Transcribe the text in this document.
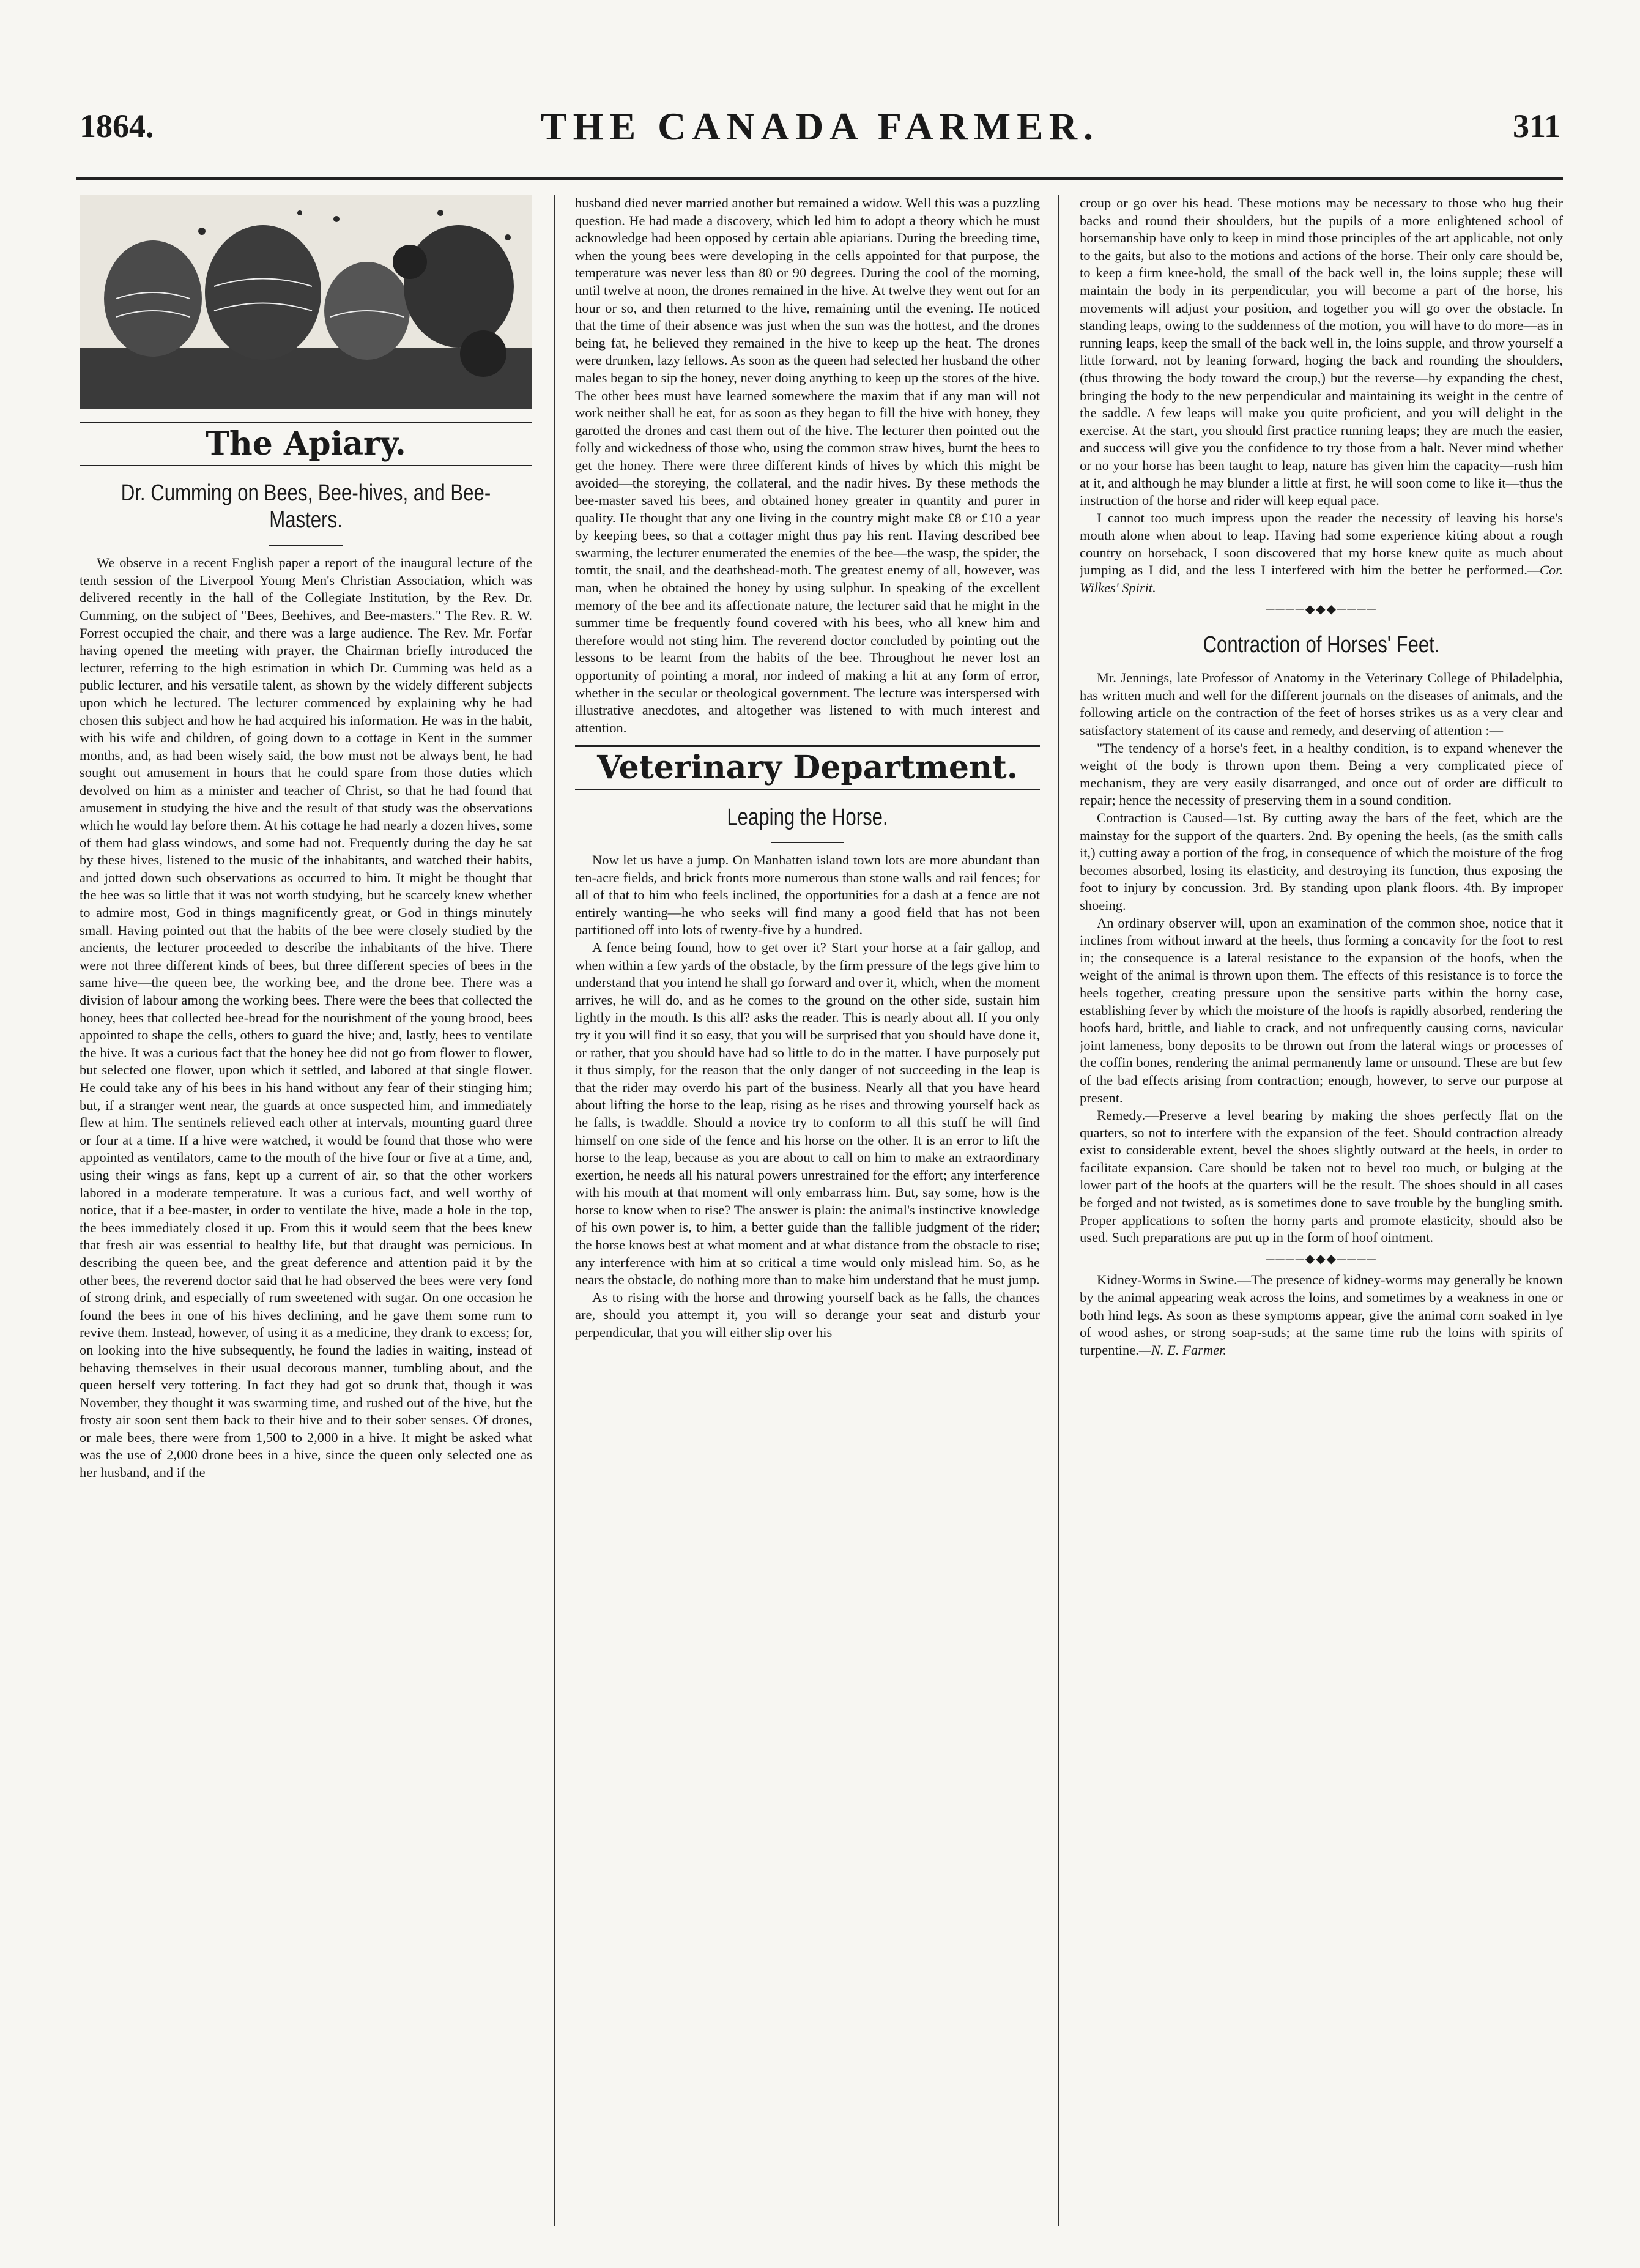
1864.	THE CANADA FARMER.	311
The Apiary.
Dr. Cumming on Bees, Bee-hives, and Bee-Masters.

We observe in a recent English paper a report of the inaugural lecture of the tenth session of the Liverpool Young Men's Christian Association, which was delivered recently in the hall of the Collegiate Institution, by the Rev. Dr. Cumming, on the subject of "Bees, Beehives, and Bee-masters." The Rev. R. W. Forrest occupied the chair, and there was a large audience. The Rev. Mr. Forfar having opened the meeting with prayer, the Chairman briefly introduced the lecturer, referring to the high estimation in which Dr. Cumming was held as a public lecturer, and his versatile talent, as shown by the widely different subjects upon which he lectured. The lecturer commenced by explaining why he had chosen this subject and how he had acquired his information. He was in the habit, with his wife and children, of going down to a cottage in Kent in the summer months, and, as had been wisely said, the bow must not be always bent, he had sought out amusement in hours that he could spare from those duties which devolved on him as a minister and teacher of Christ, so that he had found that amusement in studying the hive and the result of that study was the observations which he would lay before them. At his cottage he had nearly a dozen hives, some of them had glass windows, and some had not. Frequently during the day he sat by these hives, listened to the music of the inhabitants, and watched their habits, and jotted down such observations as occurred to him. It might be thought that the bee was so little that it was not worth studying, but he scarcely knew whether to admire most, God in things magnificently great, or God in things minutely small. Having pointed out that the habits of the bee were closely studied by the ancients, the lecturer proceeded to describe the inhabitants of the hive. There were not three different kinds of bees, but three different species of bees in the same hive—the queen bee, the working bee, and the drone bee. There was a division of labour among the working bees. There were the bees that collected the honey, bees that collected bee-bread for the nourishment of the young brood, bees appointed to shape the cells, others to guard the hive; and, lastly, bees to ventilate the hive. It was a curious fact that the honey bee did not go from flower to flower, but selected one flower, upon which it settled, and labored at that single flower. He could take any of his bees in his hand without any fear of their stinging him; but, if a stranger went near, the guards at once suspected him, and immediately flew at him. The sentinels relieved each other at intervals, mounting guard three or four at a time. If a hive were watched, it would be found that those who were appointed as ventilators, came to the mouth of the hive four or five at a time, and, using their wings as fans, kept up a current of air, so that the other workers labored in a moderate temperature. It was a curious fact, and well worthy of notice, that if a bee-master, in order to ventilate the hive, made a hole in the top, the bees immediately closed it up. From this it would seem that the bees knew that fresh air was essential to healthy life, but that draught was pernicious. In describing the queen bee, and the great deference and attention paid it by the other bees, the reverend doctor said that he had observed the bees were very fond of strong drink, and especially of rum sweetened with sugar. On one occasion he found the bees in one of his hives declining, and he gave them some rum to revive them. Instead, however, of using it as a medicine, they drank to excess; for, on looking into the hive subsequently, he found the ladies in waiting, instead of behaving themselves in their usual decorous manner, tumbling about, and the queen herself very tottering. In fact they had got so drunk that, though it was November, they thought it was swarming time, and rushed out of the hive, but the frosty air soon sent them back to their hive and to their sober senses. Of drones, or male bees, there were from 1,500 to 2,000 in a hive. It might be asked what was the use of 2,000 drone bees in a hive, since the queen only selected one as her husband, and if the

husband died never married another but remained a widow. Well this was a puzzling question. He had made a discovery, which led him to adopt a theory which he must acknowledge had been opposed by certain able apiarians. During the breeding time, when the young bees were developing in the cells appointed for that purpose, the temperature was never less than 80 or 90 degrees. During the cool of the morning, until twelve at noon, the drones remained in the hive. At twelve they went out for an hour or so, and then returned to the hive, remaining until the evening. He noticed that the time of their absence was just when the sun was the hottest, and the drones being fat, he believed they remained in the hive to keep up the heat. The drones were drunken, lazy fellows. As soon as the queen had selected her husband the other males began to sip the honey, never doing anything to keep up the stores of the hive. The other bees must have learned somewhere the maxim that if any man will not work neither shall he eat, for as soon as they began to fill the hive with honey, they garotted the drones and cast them out of the hive. The lecturer then pointed out the folly and wickedness of those who, using the common straw hives, burnt the bees to get the honey. There were three different kinds of hives by which this might be avoided—the storeying, the collateral, and the nadir hives. By these methods the bee-master saved his bees, and obtained honey greater in quantity and purer in quality. He thought that any one living in the country might make £8 or £10 a year by keeping bees, so that a cottager might thus pay his rent. Having described bee swarming, the lecturer enumerated the enemies of the bee—the wasp, the spider, the tomtit, the snail, and the deathshead-moth. The greatest enemy of all, however, was man, when he obtained the honey by using sulphur. In speaking of the excellent memory of the bee and its affectionate nature, the lecturer said that he might in the summer time be frequently found covered with his bees, who all knew him and therefore would not sting him. The reverend doctor concluded by pointing out the lessons to be learnt from the habits of the bee. Throughout he never lost an opportunity of pointing a moral, nor indeed of making a hit at any form of error, whether in the secular or theological government. The lecture was interspersed with illustrative anecdotes, and altogether was listened to with much interest and attention.

Veterinary Department.
Leaping the Horse.

Now let us have a jump. On Manhatten island town lots are more abundant than ten-acre fields, and brick fronts more numerous than stone walls and rail fences; for all of that to him who feels inclined, the opportunities for a dash at a fence are not entirely wanting—he who seeks will find many a good field that has not been partitioned off into lots of twenty-five by a hundred.

A fence being found, how to get over it? Start your horse at a fair gallop, and when within a few yards of the obstacle, by the firm pressure of the legs give him to understand that you intend he shall go forward and over it, which, when the moment arrives, he will do, and as he comes to the ground on the other side, sustain him lightly in the mouth. Is this all? asks the reader. This is nearly about all. If you only try it you will find it so easy, that you will be surprised that you should have done it, or rather, that you should have had so little to do in the matter. I have purposely put it thus simply, for the reason that the only danger of not succeeding in the leap is that the rider may overdo his part of the business. Nearly all that you have heard about lifting the horse to the leap, rising as he rises and throwing yourself back as he falls, is twaddle. Should a novice try to conform to all this stuff he will find himself on one side of the fence and his horse on the other. It is an error to lift the horse to the leap, because as you are about to call on him to make an extraordinary exertion, he needs all his natural powers unrestrained for the effort; any interference with his mouth at that moment will only embarrass him. But, say some, how is the horse to know when to rise? The answer is plain: the animal's instinctive knowledge of his own power is, to him, a better guide than the fallible judgment of the rider; the horse knows best at what moment and at what distance from the obstacle to rise; any interference with him at so critical a time would only mislead him. So, as he nears the obstacle, do nothing more than to make him understand that he must jump.

As to rising with the horse and throwing yourself back as he falls, the chances are, should you attempt it, you will so derange your seat and disturb your perpendicular, that you will either slip over his

croup or go over his head. These motions may be necessary to those who hug their backs and round their shoulders, but the pupils of a more enlightened school of horsemanship have only to keep in mind those principles of the art applicable, not only to the gaits, but also to the motions and actions of the horse. Their only care should be, to keep a firm knee-hold, the small of the back well in, the loins supple; these will maintain the body in its perpendicular, you will become a part of the horse, his movements will adjust your position, and together you will go over the obstacle. In standing leaps, owing to the suddenness of the motion, you will have to do more—as in running leaps, keep the small of the back well in, the loins supple, and throw yourself a little forward, not by leaning forward, hoging the back and rounding the shoulders, (thus throwing the body toward the croup,) but the reverse—by expanding the chest, bringing the body to the new perpendicular and maintaining its weight in the centre of the saddle. A few leaps will make you quite proficient, and you will delight in the exercise. At the start, you should first practice running leaps; they are much the easier, and success will give you the confidence to try those from a halt. Never mind whether or no your horse has been taught to leap, nature has given him the capacity—rush him at it, and although he may blunder a little at first, he will soon come to like it—thus the instruction of the horse and rider will keep equal pace.

I cannot too much impress upon the reader the necessity of leaving his horse's mouth alone when about to leap. Having had some experience kiting about a rough country on horseback, I soon discovered that my horse knew quite as much about jumping as I did, and the less I interfered with him the better he performed.—Cor. Wilkes' Spirit.

────◆◆◆────
Contraction of Horses' Feet.

Mr. Jennings, late Professor of Anatomy in the Veterinary College of Philadelphia, has written much and well for the different journals on the diseases of animals, and the following article on the contraction of the feet of horses strikes us as a very clear and satisfactory statement of its cause and remedy, and deserving of attention :—

"The tendency of a horse's feet, in a healthy condition, is to expand whenever the weight of the body is thrown upon them. Being a very complicated piece of mechanism, they are very easily disarranged, and once out of order are difficult to repair; hence the necessity of preserving them in a sound condition.

Contraction is Caused—1st. By cutting away the bars of the feet, which are the mainstay for the support of the quarters. 2nd. By opening the heels, (as the smith calls it,) cutting away a portion of the frog, in consequence of which the moisture of the frog becomes absorbed, losing its elasticity, and destroying its function, thus exposing the foot to injury by concussion. 3rd. By standing upon plank floors. 4th. By improper shoeing.

An ordinary observer will, upon an examination of the common shoe, notice that it inclines from without inward at the heels, thus forming a concavity for the foot to rest in; the consequence is a lateral resistance to the expansion of the hoofs, when the weight of the animal is thrown upon them. The effects of this resistance is to force the heels together, creating pressure upon the sensitive parts within the horny case, establishing fever by which the moisture of the hoofs is rapidly absorbed, rendering the hoofs hard, brittle, and liable to crack, and not unfrequently causing corns, navicular joint lameness, bony deposits to be thrown out from the lateral wings or processes of the coffin bones, rendering the animal permanently lame or unsound. These are but few of the bad effects arising from contraction; enough, however, to serve our purpose at present.

Remedy.—Preserve a level bearing by making the shoes perfectly flat on the quarters, so not to interfere with the expansion of the feet. Should contraction already exist to considerable extent, bevel the shoes slightly outward at the heels, in order to facilitate expansion. Care should be taken not to bevel too much, or bulging at the lower part of the hoofs at the quarters will be the result. The shoes should in all cases be forged and not twisted, as is sometimes done to save trouble by the bungling smith. Proper applications to soften the horny parts and promote elasticity, should also be used. Such preparations are put up in the form of hoof ointment.

────◆◆◆────

Kidney-Worms in Swine.—The presence of kidney-worms may generally be known by the animal appearing weak across the loins, and sometimes by a weakness in one or both hind legs. As soon as these symptoms appear, give the animal corn soaked in lye of wood ashes, or strong soap-suds; at the same time rub the loins with spirits of turpentine.—N. E. Farmer.
